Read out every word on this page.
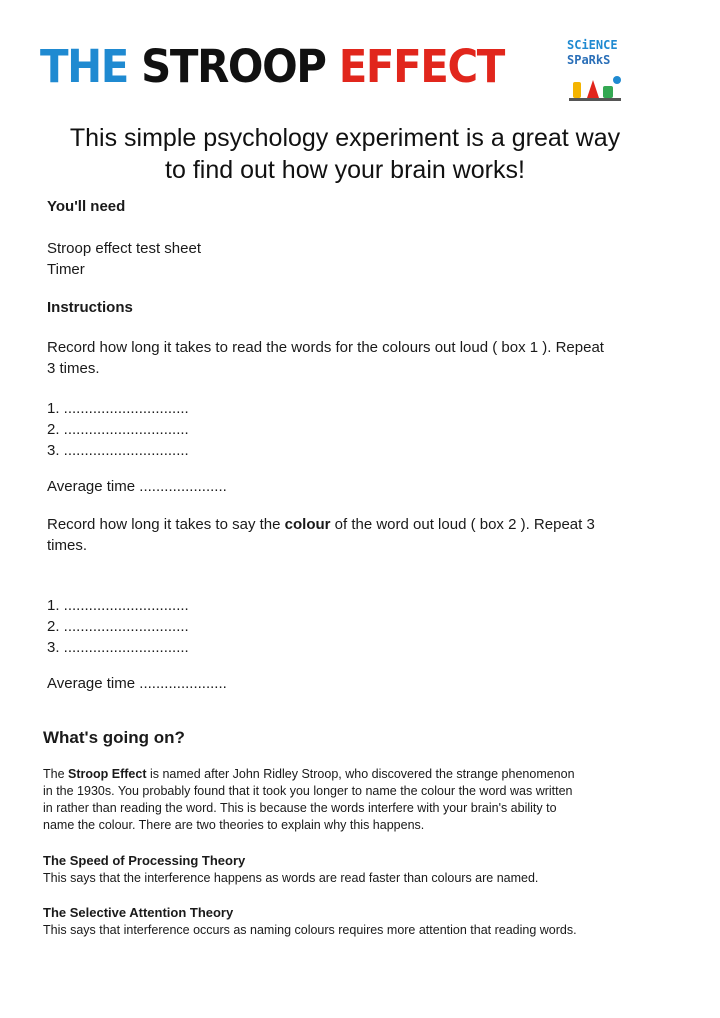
THE STROOP EFFECT	SCiENCE
SPaRkS
This simple psychology experiment is a great way
to find out how your brain works!
You'll need
Stroop effect test sheet
Timer
Instructions
Record how long it takes to read the words for the colours out loud ( box 1 ). Repeat
3 times.
1. ..............................
2. ..............................
3. ..............................
Average time .....................
Record how long it takes to say the colour of the word out loud ( box 2 ). Repeat 3
times.
1. ..............................
2. ..............................
3. ..............................
Average time .....................
What's going on?
The Stroop Effect is named after John Ridley Stroop, who discovered the strange phenomenon
in the 1930s. You probably found that it took you longer to name the colour the word was written
in rather than reading the word. This is because the words interfere with your brain's ability to
name the colour. There are two theories to explain why this happens.
The Speed of Processing Theory
This says that the interference happens as words are read faster than colours are named.
The Selective Attention Theory
This says that interference occurs as naming colours requires more attention that reading words.
